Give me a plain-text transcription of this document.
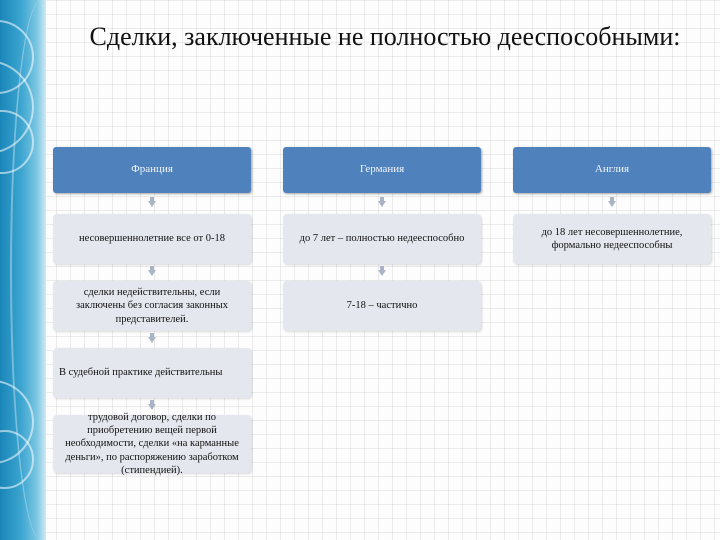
Сделки, заключенные не полностью дееспособными:
Франция
несовершеннолетние все от 0-18
сделки недействительны, если заключены без согласия законных представителей.
В судебной практике действительны
трудовой договор, сделки по приобретению вещей первой необходимости, сделки «на карманные деньги», по распоряжению заработком (стипендией).
Германия
до 7 лет – полностью недееспособно
7-18 – частично
Англия
до 18 лет несовершеннолетние, формально недееспособны
